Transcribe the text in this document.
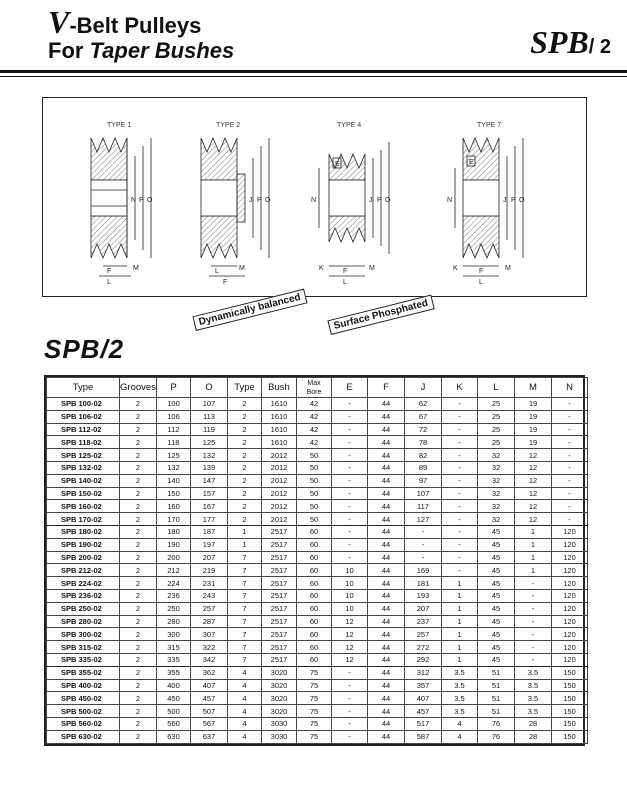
V-Belt Pulleys
For Taper Bushes	SPB/ 2
TYPE 1	TYPE 2	TYPE 4	TYPE 7
N P O
F
L
M
J P O
L
F
M
N
E
J P O
K	F
L
M
N
E
J P O
K	F
L
M
Dynamically balanced	Surface Phosphated
SPB/2
Type	Grooves	P	O	Type	Bush	Max
Bore	E	F	J	K	L	M	N
SPB 100-02	2	100	107	2	1610	42	-	44	62	-	25	19	-
SPB 106-02	2	106	113	2	1610	42	-	44	67	-	25	19	-
SPB 112-02	2	112	119	2	1610	42	-	44	72	-	25	19	-
SPB 118-02	2	118	125	2	1610	42	-	44	78	-	25	19	-
SPB 125-02	2	125	132	2	2012	50	-	44	82	-	32	12	-
SPB 132-02	2	132	139	2	2012	50	-	44	89	-	32	12	-
SPB 140-02	2	140	147	2	2012	50	-	44	97	-	32	12	-
SPB 150-02	2	150	157	2	2012	50	-	44	107	-	32	12	-
SPB 160-02	2	160	167	2	2012	50	-	44	117	-	32	12	-
SPB 170-02	2	170	177	2	2012	50	-	44	127	-	32	12	-
SPB 180-02	2	180	187	1	2517	60	-	44	-	-	45	1	120
SPB 190-02	2	190	197	1	2517	60	-	44	-	-	45	1	120
SPB 200-02	2	200	207	7	2517	60	-	44	-	-	45	1	120
SPB 212-02	2	212	219	7	2517	60	10	44	169	-	45	1	120
SPB 224-02	2	224	231	7	2517	60	10	44	181	1	45	-	120
SPB 236-02	2	236	243	7	2517	60	10	44	193	1	45	-	120
SPB 250-02	2	250	257	7	2517	60	10	44	207	1	45	-	120
SPB 280-02	2	280	287	7	2517	60	12	44	237	1	45	-	120
SPB 300-02	2	300	307	7	2517	60	12	44	257	1	45	-	120
SPB 315-02	2	315	322	7	2517	60	12	44	272	1	45	-	120
SPB 335-02	2	335	342	7	2517	60	12	44	292	1	45	-	120
SPB 355-02	2	355	362	4	3020	75	-	44	312	3.5	51	3.5	150
SPB 400-02	2	400	407	4	3020	75	-	44	357	3.5	51	3.5	150
SPB 450-02	2	450	457	4	3020	75	-	44	407	3.5	51	3.5	150
SPB 500-02	2	500	507	4	3020	75	-	44	457	3.5	51	3.5	150
SPB 560-02	2	560	567	4	3030	75	-	44	517	4	76	28	150
SPB 630-02	2	630	637	4	3030	75	-	44	587	4	76	28	150
